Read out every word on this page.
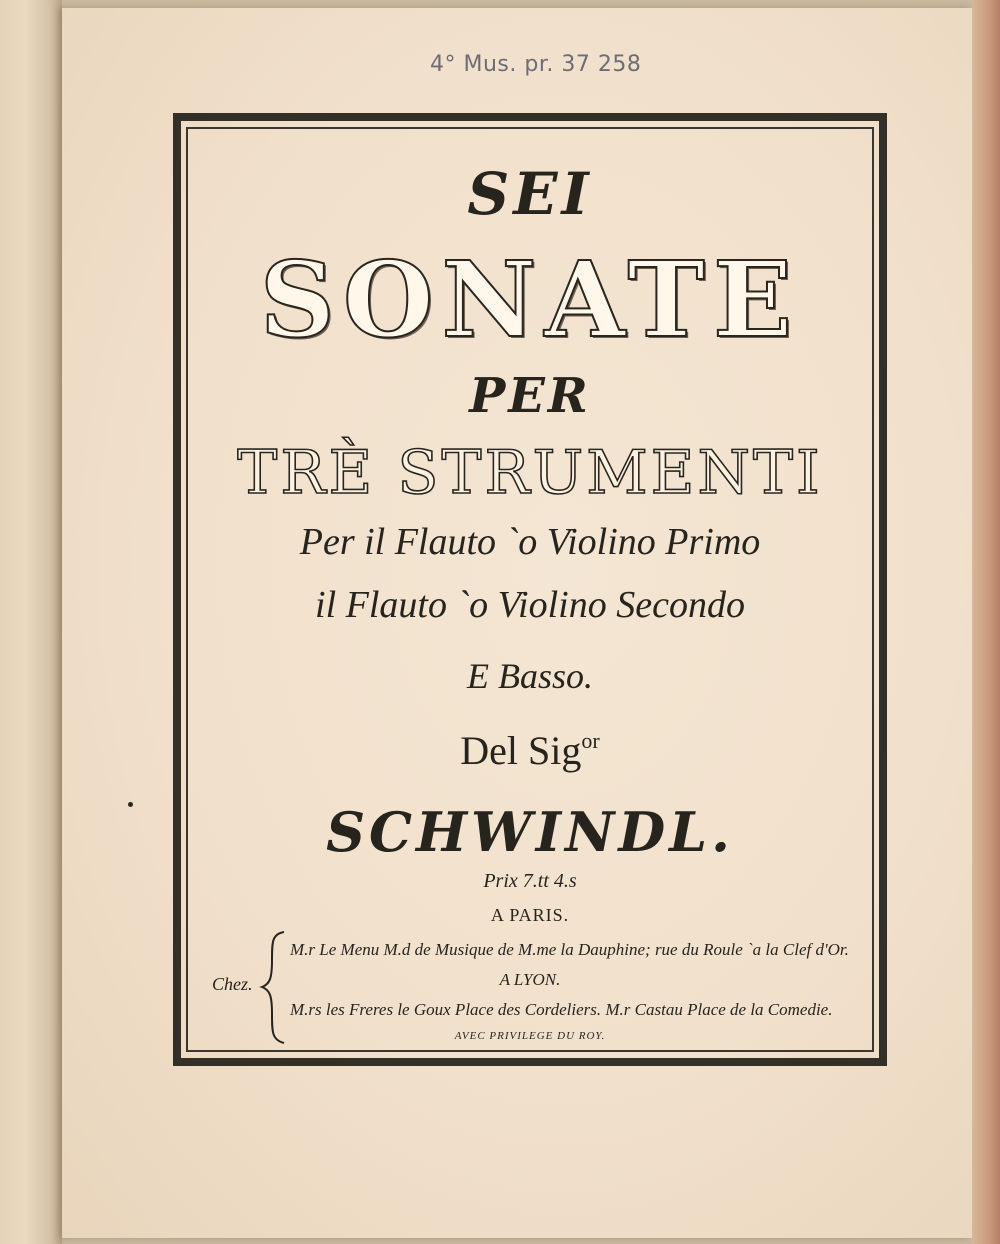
4° Mus. pr. 37 258
SEI
SONATE
PER
TRÈ STRUMENTI
Per il Flauto `o Violino Primo
il Flauto `o Violino Secondo
E Basso.
Del Sig$^{or}$
SCHWINDL.
Prix 7.tt 4.s
A PARIS.
Chez.
M.r Le Menu M.d de Musique de M.me la Dauphine; rue du Roule `a la Clef d'Or.
A LYON.
M.rs les Freres le Goux Place des Cordeliers. M.r Castau Place de la Comedie.
AVEC PRIVILEGE DU ROY.
